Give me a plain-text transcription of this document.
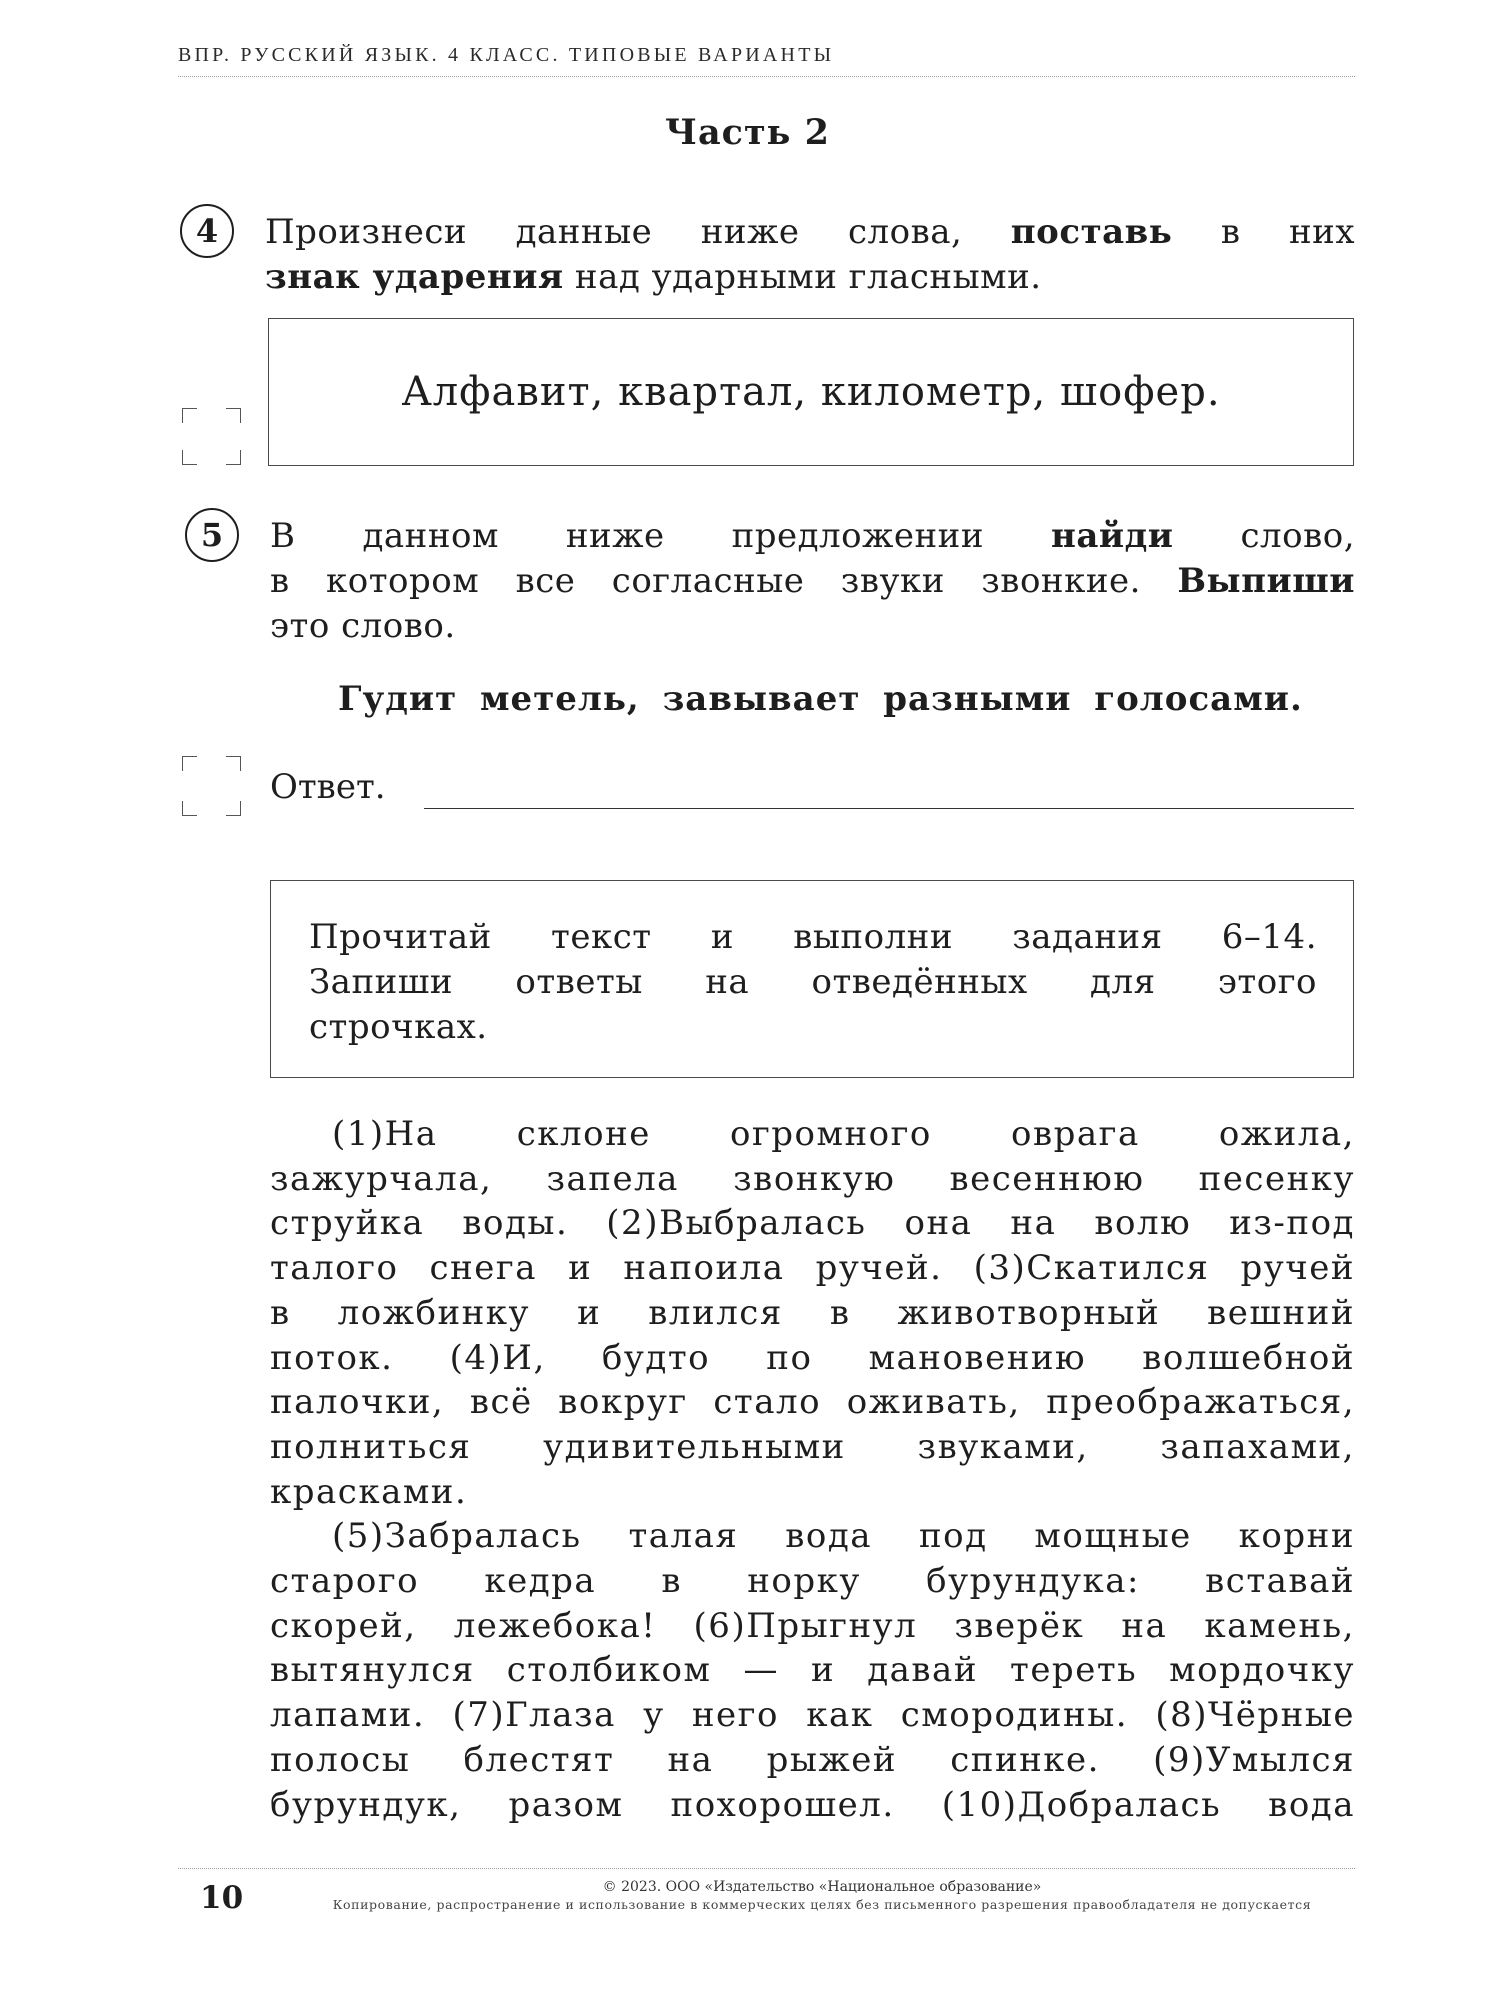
ВПР. РУССКИЙ ЯЗЫК. 4 КЛАСС. ТИПОВЫЕ ВАРИАНТЫ
Часть 2
4	Произнеси данные ниже слова, поставь в них
знак ударения над ударными гласными.
Алфавит, квартал, километр, шофер.
5	В данном ниже предложении найди слово,
в котором все согласные звуки звонкие. Выпиши
это слово.
Гудит метель, завывает разными голосами.
Ответ.
Прочитай текст и выполни задания 6–14.
Запиши ответы на отведённых для этого
строчках.
(1)На склоне огромного оврага ожила,
зажурчала, запела звонкую весеннюю песенку
струйка воды. (2)Выбралась она на волю из-под
талого снега и напоила ручей. (3)Скатился ручей
в ложбинку и влился в животворный вешний
поток. (4)И, будто по мановению волшебной
палочки, всё вокруг стало оживать, преображаться,
полниться удивительными звуками, запахами,
красками.
(5)Забралась талая вода под мощные корни
старого кедра в норку бурундука: вставай
скорей, лежебока! (6)Прыгнул зверёк на камень,
вытянулся столбиком — и давай тереть мордочку
лапами. (7)Глаза у него как смородины. (8)Чёрные
полосы блестят на рыжей спинке. (9)Умылся
бурундук, разом похорошел. (10)Добралась вода
10	© 2023. ООО «Издательство «Национальное образование»
Копирование, распространение и использование в коммерческих целях без письменного разрешения правообладателя не допускается
